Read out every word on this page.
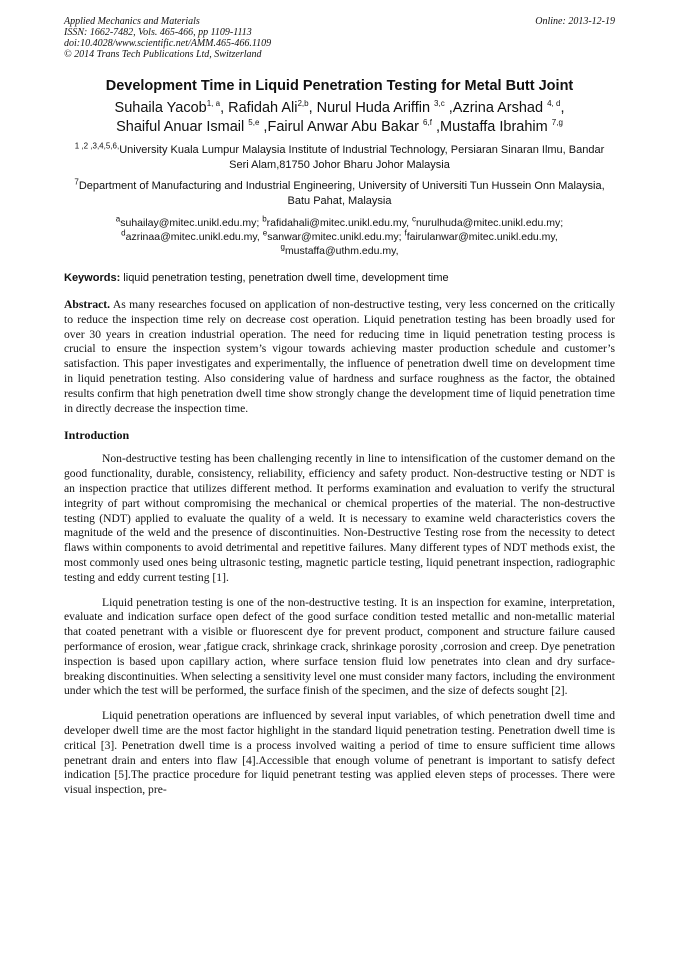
Applied Mechanics and Materials
ISSN: 1662-7482, Vols. 465-466, pp 1109-1113
doi:10.4028/www.scientific.net/AMM.465-466.1109
© 2014 Trans Tech Publications Ltd, Switzerland
Online: 2013-12-19
Development Time in Liquid Penetration Testing for Metal Butt Joint
Suhaila Yacob$^{1, a}$, Rafidah Ali$^{2,b}$, Nurul Huda Ariffin $^{3,c}$ ,Azrina Arshad $^{4, d}$,
Shaiful Anuar Ismail $^{5,e}$ ,Fairul Anwar Abu Bakar $^{6,f}$ ,Mustaffa Ibrahim $^{7,g}$
$^{1 ,2 ,3,4,5,6,}$University Kuala Lumpur Malaysia Institute of Industrial Technology, Persiaran Sinaran Ilmu, Bandar Seri Alam,81750 Johor Bharu Johor Malaysia
$^7$Department of Manufacturing and Industrial Engineering, University of Universiti Tun Hussein Onn Malaysia, Batu Pahat, Malaysia
$^a$suhailay@mitec.unikl.edu.my; $^b$rafidahali@mitec.unikl.edu.my, $^c$nurulhuda@mitec.unikl.edu.my;
$^d$azrinaa@mitec.unikl.edu.my, $^e$sanwar@mitec.unikl.edu.my; $^f$fairulanwar@mitec.unikl.edu.my,
$^g$mustaffa@uthm.edu.my,
Keywords: liquid penetration testing, penetration dwell time, development time
Abstract. As many researches focused on application of non-destructive testing, very less concerned on the critically to reduce the inspection time rely on decrease cost operation. Liquid penetration testing has been broadly used for over 30 years in creation industrial operation. The need for reducing time in liquid penetration testing process is crucial to ensure the inspection system’s vigour towards achieving master production schedule and customer’s satisfaction. This paper investigates and experimentally, the influence of penetration dwell time on development time in liquid penetration testing. Also considering value of hardness and surface roughness as the factor, the obtained results confirm that high penetration dwell time show strongly change the development time of liquid penetration time in directly decrease the inspection time.
Introduction
Non-destructive testing has been challenging recently in line to intensification of the customer demand on the good functionality, durable, consistency, reliability, efficiency and safety product. Non-destructive testing or NDT is an inspection practice that utilizes different method. It performs examination and evaluation to verify the structural integrity of part without compromising the mechanical or chemical properties of the material. The non-destructive testing (NDT) applied to evaluate the quality of a weld. It is necessary to examine weld characteristics covers the magnitude of the weld and the presence of discontinuities. Non-Destructive Testing rose from the necessity to detect flaws within components to avoid detrimental and repetitive failures. Many different types of NDT methods exist, the most commonly used ones being ultrasonic testing, magnetic particle testing, liquid penetrant inspection, radiographic testing and eddy current testing [1].
Liquid penetration testing is one of the non-destructive testing. It is an inspection for examine, interpretation, evaluate and indication surface open defect of the good surface condition tested metallic and non-metallic material that coated penetrant with a visible or fluorescent dye for prevent product, component and structure failure caused performance of erosion, wear ,fatigue crack, shrinkage crack, shrinkage porosity ,corrosion and creep. Dye penetration inspection is based upon capillary action, where surface tension fluid low penetrates into clean and dry surface-breaking discontinuities. When selecting a sensitivity level one must consider many factors, including the environment under which the test will be performed, the surface finish of the specimen, and the size of defects sought [2].
Liquid penetration operations are influenced by several input variables, of which penetration dwell time and developer dwell time are the most factor highlight in the standard liquid penetration testing. Penetration dwell time is critical [3]. Penetration dwell time is a process involved waiting a period of time to ensure sufficient time allows penetrant drain and enters into flaw [4].Accessible that enough volume of penetrant is important to satisfy defect indication [5].The practice procedure for liquid penetrant testing was applied eleven steps of processes. There were visual inspection, pre-
